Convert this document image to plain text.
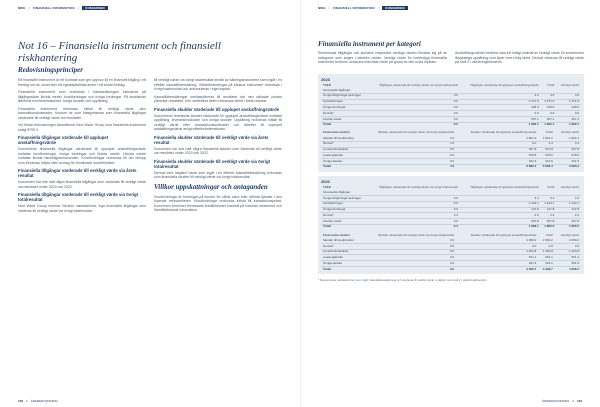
NWG // FINANSIELL INFORMATION //	KONCERNEN	NWG // FINANSIELL INFORMATION //	KONCERNEN
Not 16 – Finansiella instrument och finansiell riskhantering
Redovisningsprinciper
Ett finansiellt instrument är ett kontrakt som ger upphov till en finansiell tillgång i ett företag och en skuld eller ett egetkapitalinstrument i ett annat företag.
Finansiella instrument som redovisas i balansräkningen inkluderar på tillgångssidan likvida medel, kundfordringar och övriga fordringar. På skuldsidan återfinns leverantörsskulder, övriga skulder och upplåning.
Finansiella instrument redovisas initialt till verkligt värde plus transaktionskostnader, förutom de som kategoriseras som finansiella tillgångar värderade till verkligt värde via resultatet.
Vid första redovisningen klassificerar New Wave Group sina finansiella instrument enligt IFRS 9.
Finansiella tillgångar värderade till upplupet anskaffningsvärde
Koncernens finansiella tillgångar värderade till upplupet anskaffningsvärde omfattar kundfordringar, övriga fordringar och likvida medel. Likvida medel omfattar likvida banktillgodohavanden. Kundfordringar redovisas till det belopp som förväntas inflyta efter avdrag för förväntade kreditförluster.
Finansiella tillgångar värderade till verkligt värde via årets resultat
Koncernen har inte haft några finansiella tillgångar som värderats till verkligt värde via resultatet under 2023 och 2022.
Finansiella tillgångar värderade till verkligt värde via övrigt totalresultat
New Wave Group innehar, förutom valutaderivat, inga finansiella tillgångar som värderas till verkligt värde via övrigt totalresultat.
till verkligt värde via övrigt totalresultat består av säkringsinstrument som ingår i en effektiv kassaflödessäkring. Värdeförändringar på sådana instrument redovisas i övrigt totalresultat och ackumuleras i eget kapital.
Kassaflödessäkringar omklassificeras till resultatet när den säkrade posten påverkar resultatet. Den ineffektiva delen redovisas direkt i årets resultat.
Finansiella skulder värderade till upplupet anskaffningsvärde
Koncernens finansiella skulder värderade till upplupet anskaffningsvärde omfattar upplåning, leverantörsskulder och övriga skulder. Upplåning redovisas initialt till verkligt värde efter transaktionskostnader och därefter till upplupet anskaffningsvärde enligt effektivräntemetoden.
Finansiella skulder värderade till verkligt värde via årets resultat
Koncernen har inte haft några finansiella skulder som värderats till verkligt värde via resultatet under 2023 och 2022.
Finansiella skulder värderade till verkligt värde via övrigt totalresultat
Derivat med negativt värde som ingår i en effektiv kassaflödessäkring redovisas som finansiella skulder till verkligt värde via övrigt totalresultat.
Villkor uppskattningar och antaganden
Kundfordringar är fordringar på kunder för sålda varor eller utförda tjänster i den löpande verksamheten. Kundfordringar redovisas initialt till transaktionspriset. Koncernen bedömer förväntade kreditförluster baserat på historisk erfarenhet och framåtblickande information.
Finansiella instrument per kategori
Redovisade tillgångar och skulders respektive verkliga värden fördelar sig på de kategorier som anges i tabellen nedan. Verkligt värde för kortfristiga finansiella instrument bedöms motsvara redovisat värde på grund av den korta löptiden.
Anskaffningsvärdet bedöms vara ett rimligt estimat av verkligt värde för koncernens långfristiga upplåning som löper med rörlig ränta. Derivat värderas till verkligt värde på nivå 2 i värderingshierarkin.
2023
TSEK	Tillgångar värderade till verkligt värde via övrigt totalresultat	Tillgångar värderade till upplupet anskaffningsvärde	Totalt	Verkligt värde
Finansiella tillgångar				
Övriga långfristiga fordringar	0.0	4.9	4.9	4.9
Kundfordringar	0.0	1 471.5	1 471.5	1 471.5
Övriga fordringar	0.0	128.6	128.6	128.6
Derivat*	0.0	0.0	0.0	0.0
Likvida medel	0.0	357.1	357.1	357.1
Totalt	0.0	1 962.1	1 962.1	1 962.1
Finansiella skulder	Skulder värderade till verkligt värde via övrigt totalresultat	Skulder värderade till upplupet anskaffningsvärde	Totalt	Verkligt värde
Skulder till kreditinstitut	0.0	1 821.2	1 821.2	1 821.2
Derivat*	4.3	0.0	4.3	4.3
Leverantörsskulder	0.0	947.8	947.8	947.8
Leasingskulder	0.0	578.6	578.6	578.6
Övriga skulder	0.0	341.5	341.5	341.5
Totalt	4.3	3 689.1	3 693.4	3 693.4
2022
TSEK	Tillgångar värderade till verkligt värde via övrigt totalresultat	Tillgångar värderade till upplupet anskaffningsvärde	Totalt	Verkligt värde
Finansiella tillgångar				
Övriga långfristiga fordringar	0.0	3.4	3.4	3.4
Kundfordringar	0.0	1 444.1	1 444.1	1 444.1
Övriga fordringar	0.0	147.8	147.8	147.8
Derivat*	2.4	0.0	2.4	2.4
Likvida medel	0.0	267.8	267.8	267.8
Totalt	2.4	1 863.1	1 865.5	1 865.5
Finansiella skulder	Skulder värderade till verkligt värde via övrigt totalresultat	Skulder värderade till upplupet anskaffningsvärde	Totalt	Verkligt värde
Skulder till kreditinstitut	0.0	2 099.2	2 099.2	2 099.2
Derivat*	0.0	0.0	0.0	0.0
Leverantörsskulder	0.0	1 404.8	1 404.8	1 404.8
Leasingskulder	0.0	531.1	531.1	531.1
Övriga skulder	0.0	301.6	301.6	301.6
Totalt	0.0	4 336.7	4 336.7	4 336.7
* Derivat avser valutaterminer som ingår i kassaflödessäkringar och värderas till verkligt värde i enlighet med nivå 2 i värderingshierarkin.
108 // ÅRSREDOVISNING	ÅRSREDOVISNING // 109
